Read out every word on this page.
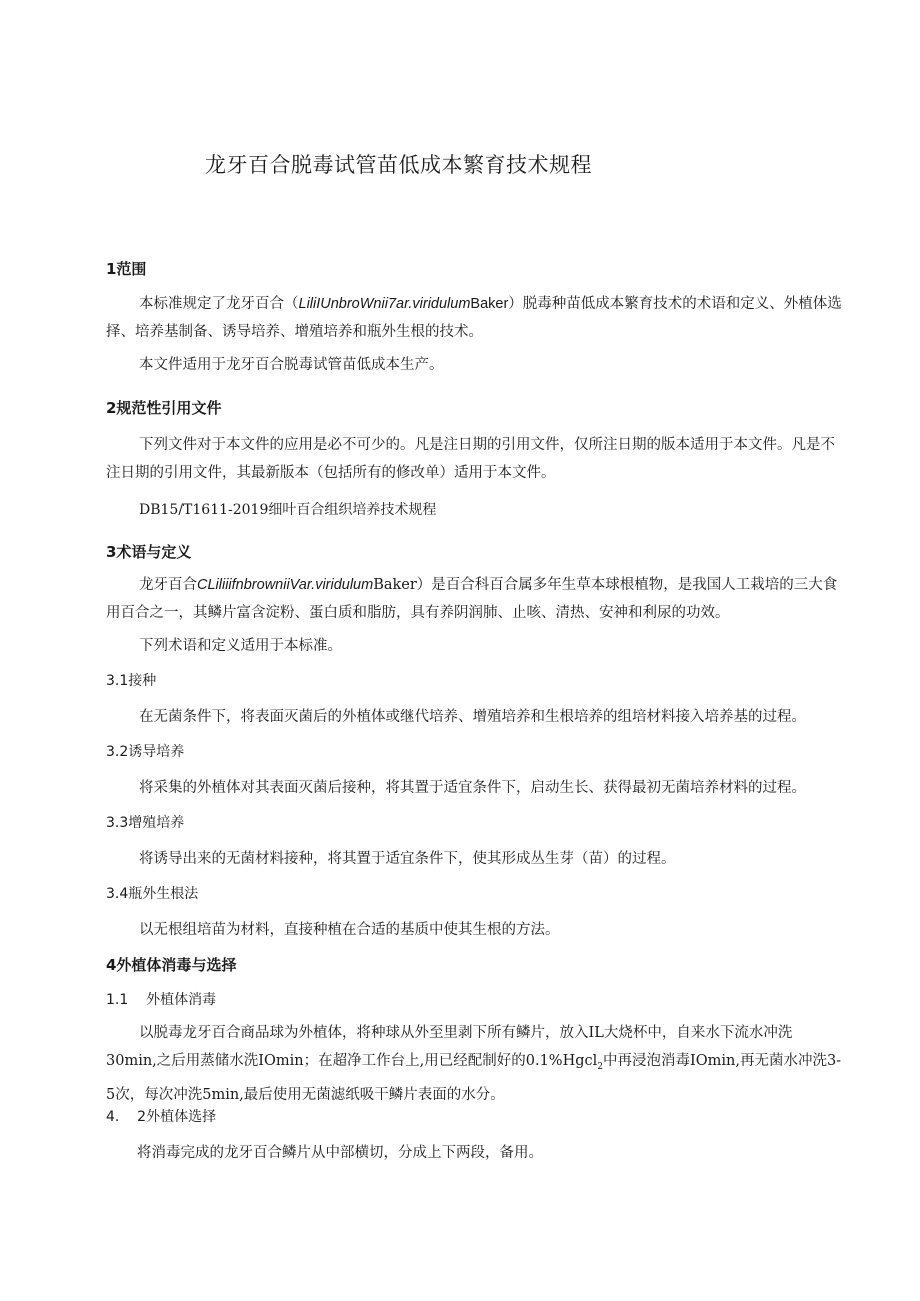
龙牙百合脱毒试管苗低成本繁育技术规程
1范围
本标准规定了龙牙百合（LiliIUnbroWnii7ar.viridulumBaker）脱毒种苗低成本繁育技术的术语和定义、外植体选择、培养基制备、诱导培养、增殖培养和瓶外生根的技术。
本文件适用于龙牙百合脱毒试管苗低成本生产。
2规范性引用文件
下列文件对于本文件的应用是必不可少的。凡是注日期的引用文件，仅所注日期的版本适用于本文件。凡是不注日期的引用文件，其最新版本（包括所有的修改单）适用于本文件。
DB15/T1611-2019细叶百合组织培养技术规程
3术语与定义
龙牙百合CLiliiifnbrowniiVar.viridulumBaker）是百合科百合属多年生草本球根植物，是我国人工栽培的三大食用百合之一，其鳞片富含淀粉、蛋白质和脂肪，具有养阴润肺、止咳、清热、安神和利尿的功效。
下列术语和定义适用于本标准。
3.1接种
在无菌条件下，将表面灭菌后的外植体或继代培养、增殖培养和生根培养的组培材料接入培养基的过程。
3.2诱导培养
将采集的外植体对其表面灭菌后接种，将其置于适宜条件下，启动生长、获得最初无菌培养材料的过程。
3.3增殖培养
将诱导出来的无菌材料接种，将其置于适宜条件下，使其形成丛生芽（苗）的过程。
3.4瓶外生根法
以无根组培苗为材料，直接种植在合适的基质中使其生根的方法。
4外植体消毒与选择
1.1    外植体消毒
以脱毒龙牙百合商品球为外植体，将种球从外至里剥下所有鳞片，放入IL大烧杯中，自来水下流水冲洗30min,之后用蒸储水洗IOmin；在超净工作台上,用已经配制好的0.1%Hgcl$_2$中再浸泡消毒IOmin,再无菌水冲洗3-5次，每次冲洗5min,最后使用无菌滤纸吸干鳞片表面的水分。
4.    2外植体选择
将消毒完成的龙牙百合鳞片从中部横切，分成上下两段，备用。
